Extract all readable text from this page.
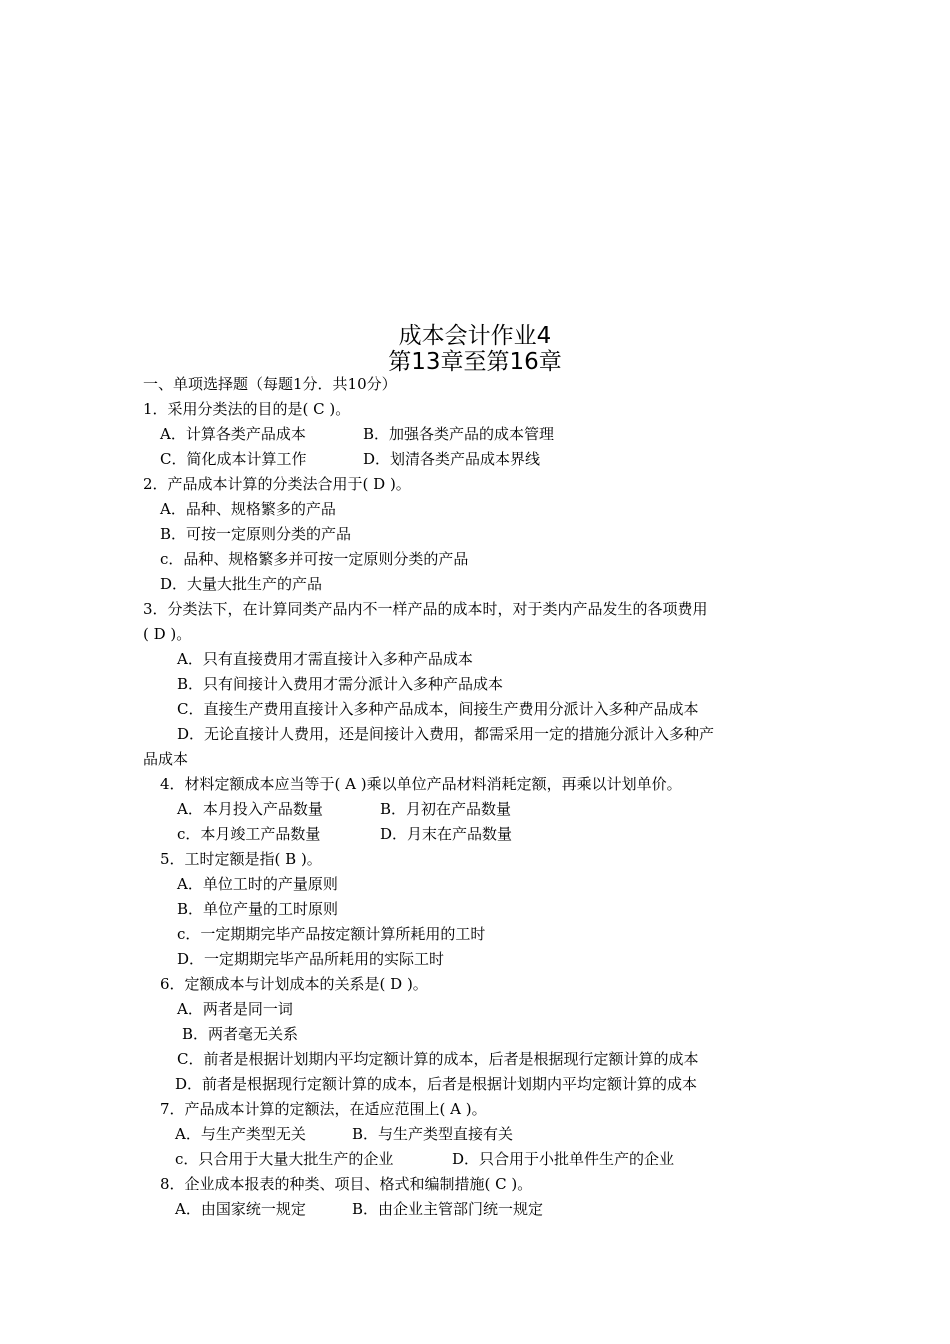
成本会计作业4
第13章至第16章
一、单项选择题（每题1分．共10分）
1．采用分类法的目的是( C )。
A．计算各类产品成本	B．加强各类产品的成本管理
C．简化成本计算工作	D．划清各类产品成本界线
2．产品成本计算的分类法合用于( D )。
A．品种、规格繁多的产品
B．可按一定原则分类的产品
c．品种、规格繁多并可按一定原则分类的产品
D．大量大批生产的产品
3．分类法下，在计算同类产品内不一样产品的成本时，对于类内产品发生的各项费用
( D )。
A．只有直接费用才需直接计入多种产品成本
B．只有间接计入费用才需分派计入多种产品成本
C．直接生产费用直接计入多种产品成本，间接生产费用分派计入多种产品成本
D．无论直接计人费用，还是间接计入费用，都需采用一定的措施分派计入多种产
品成本
4．材料定额成本应当等于( A )乘以单位产品材料消耗定额，再乘以计划单价。
A．本月投入产品数量	B．月初在产品数量
c．本月竣工产品数量	D．月末在产品数量
5．工时定额是指( B )。
A．单位工时的产量原则
B．单位产量的工时原则
c．一定期期完毕产品按定额计算所耗用的工时
D．一定期期完毕产品所耗用的实际工时
6．定额成本与计划成本的关系是( D )。
A．两者是同一词
B．两者毫无关系
C．前者是根据计划期内平均定额计算的成本，后者是根据现行定额计算的成本
D．前者是根据现行定额计算的成本，后者是根据计划期内平均定额计算的成本
7．产品成本计算的定额法，在适应范围上( A )。
A．与生产类型无关	B．与生产类型直接有关
c．只合用于大量大批生产的企业	D．只合用于小批单件生产的企业
8．企业成本报表的种类、项目、格式和编制措施( C )。
A．由国家统一规定	B．由企业主管部门统一规定
